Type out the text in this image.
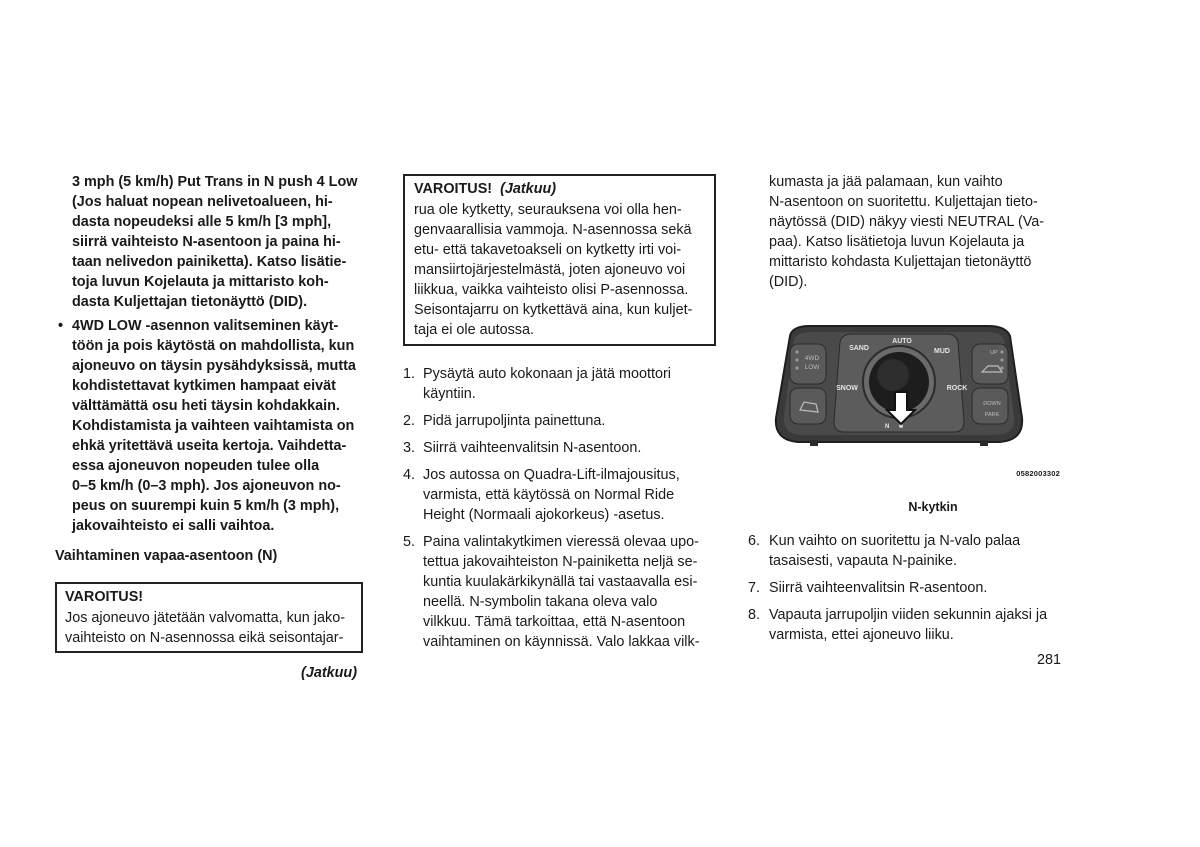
3 mph (5 km/h) Put Trans in N push 4 Low
(Jos haluat nopean nelivetoalueen, hi-
dasta nopeudeksi alle 5 km/h [3 mph],
siirrä vaihteisto N-asentoon ja paina hi-
taan nelivedon painiketta). Katso lisätie-
toja luvun Kojelauta ja mittaristo koh-
dasta Kuljettajan tietonäyttö (DID).
• 4WD LOW -asennon valitseminen käyt-
töön ja pois käytöstä on mahdollista, kun
ajoneuvo on täysin pysähdyksissä, mutta
kohdistettavat kytkimen hampaat eivät
välttämättä osu heti täysin kohdakkain.
Kohdistamista ja vaihteen vaihtamista on
ehkä yritettävä useita kertoja. Vaihdetta-
essa ajoneuvon nopeuden tulee olla
0–5 km/h (0–3 mph). Jos ajoneuvon no-
peus on suurempi kuin 5 km/h (3 mph),
jakovaihteisto ei salli vaihtoa.
Vaihtaminen vapaa-asentoon (N)
VAROITUS!
Jos ajoneuvo jätetään valvomatta, kun jako-
vaihteisto on N-asennossa eikä seisontajar-
(Jatkuu)
VAROITUS! (Jatkuu)
rua ole kytketty, seurauksena voi olla hen-
genvaarallisia vammoja. N-asennossa sekä
etu- että takavetoakseli on kytketty irti voi-
mansiirtojärjestelmästä, joten ajoneuvo voi
liikkua, vaikka vaihteisto olisi P-asennossa.
Seisontajarru on kytkettävä aina, kun kuljet-
taja ei ole autossa.
1. Pysäytä auto kokonaan ja jätä moottori
käyntiin.
2. Pidä jarrupoljinta painettuna.
3. Siirrä vaihteenvalitsin N-asentoon.
4. Jos autossa on Quadra-Lift-ilmajousitus,
varmista, että käytössä on Normal Ride
Height (Normaali ajokorkeus) -asetus.
5. Paina valintakytkimen vieressä olevaa upo-
tettua jakovaihteiston N-painiketta neljä se-
kuntia kuulakärkikynällä tai vastaavalla esi-
neellä. N-symbolin takana oleva valo
vilkkuu. Tämä tarkoittaa, että N-asentoon
vaihtaminen on käynnissä. Valo lakkaa vilk-
kumasta ja jää palamaan, kun vaihto
N-asentoon on suoritettu. Kuljettajan tieto-
näytössä (DID) näkyy viesti NEUTRAL (Va-
paa). Katso lisätietoja luvun Kojelauta ja
mittaristo kohdasta Kuljettajan tietonäyttö
(DID).
AUTO
SAND	MUD
SNOW	ROCK
4WD
LOW
UP
DOWN
PARK
N
0582003302
N-kytkin
6. Kun vaihto on suoritettu ja N-valo palaa
tasaisesti, vapauta N-painike.
7. Siirrä vaihteenvalitsin R-asentoon.
8. Vapauta jarrupoljin viiden sekunnin ajaksi ja
varmista, ettei ajoneuvo liiku.
281
